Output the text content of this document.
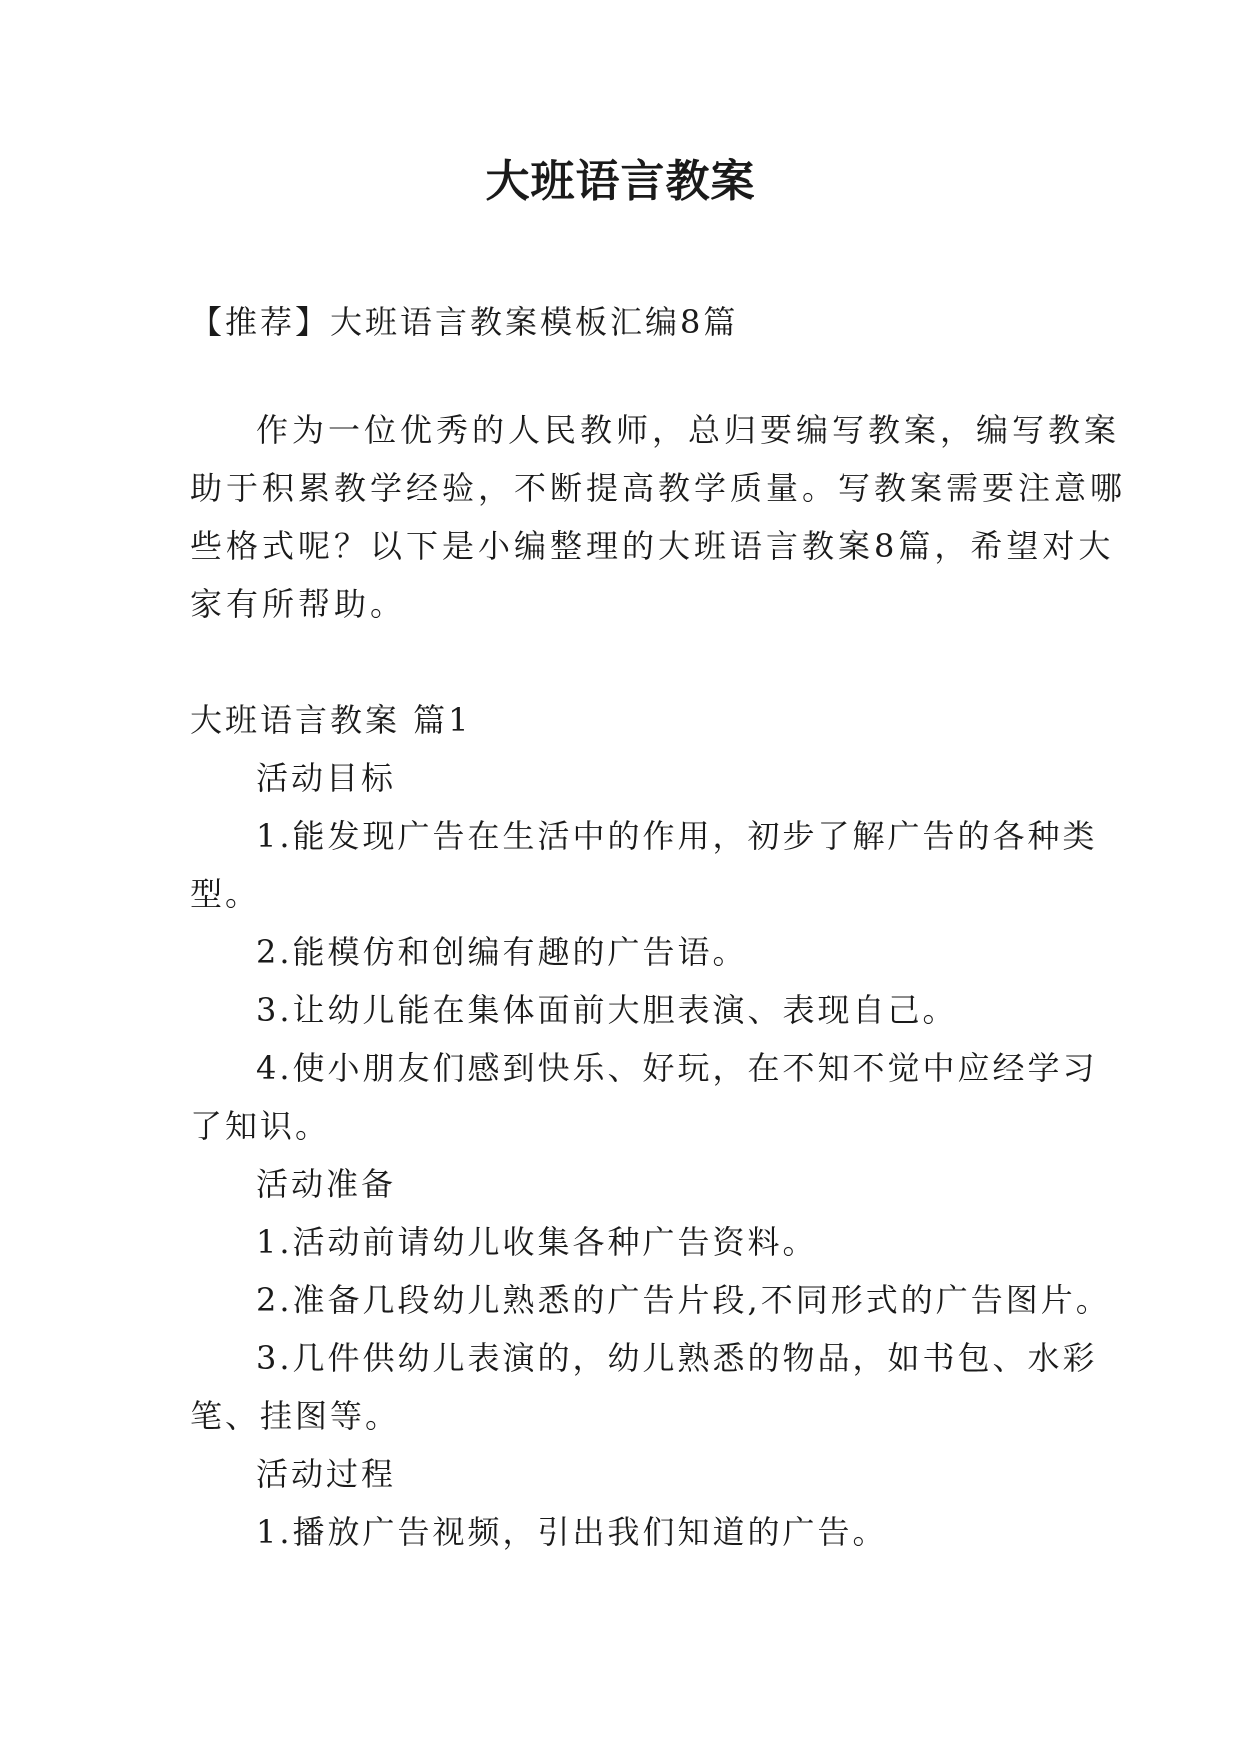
大班语言教案
【推荐】大班语言教案模板汇编8篇
作为一位优秀的人民教师，总归要编写教案，编写教案
助于积累教学经验，不断提高教学质量。写教案需要注意哪
些格式呢？以下是小编整理的大班语言教案8篇，希望对大
家有所帮助。
大班语言教案 篇1
活动目标
1.能发现广告在生活中的作用，初步了解广告的各种类
型。
2.能模仿和创编有趣的广告语。
3.让幼儿能在集体面前大胆表演、表现自己。
4.使小朋友们感到快乐、好玩，在不知不觉中应经学习
了知识。
活动准备
1.活动前请幼儿收集各种广告资料。
2.准备几段幼儿熟悉的广告片段,不同形式的广告图片。
3.几件供幼儿表演的，幼儿熟悉的物品，如书包、水彩
笔、挂图等。
活动过程
1.播放广告视频，引出我们知道的广告。
